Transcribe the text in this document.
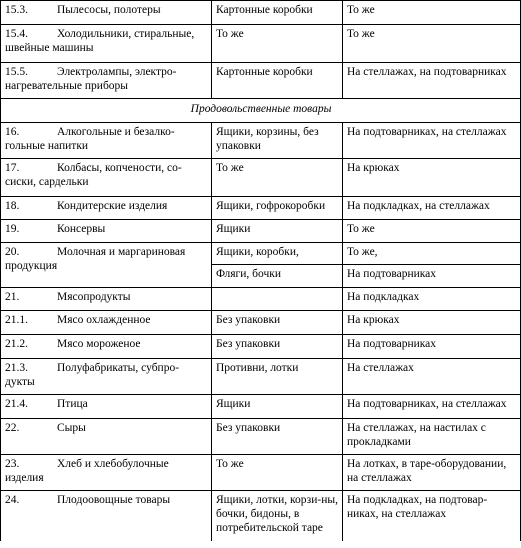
15.3. Пылесосы, полотеры	Картонные коробки	То же
15.4. Холодильники, стиральные, швейные машины	То же	То же
15.5. Электролампы, электро-нагревательные приборы	Картонные коробки	На стеллажах, на подтоварниках
Продовольственные товары		
16. Алкогольные и безалко-гольные напитки	Ящики, корзины, без упаковки	На подтоварниках, на стеллажах
17. Колбасы, копчености, со-сиски, сардельки	То же	На крюках
18. Кондитерские изделия	Ящики, гофрокоробки	На подкладках, на стеллажах
19. Консервы	Ящики	То же
20. Молочная и маргариновая продукция	Ящики, коробки,	То же,
	Фляги, бочки	На подтоварниках
21. Мясопродукты		На подкладках
21.1. Мясо охлажденное	Без упаковки	На крюках
21.2. Мясо мороженое	Без упаковки	На подтоварниках
21.3. Полуфабрикаты, субпро-дукты	Противни, лотки	На стеллажах
21.4. Птица	Ящики	На подтоварниках, на стеллажах
22. Сыры	Без упаковки	На стеллажах, на настилах с прокладками
23. Хлеб и хлебобулочные изделия	То же	На лотках, в таре-оборудовании, на стеллажах
24. Плодоовощные товары	Ящики, лотки, корзи-ны, бочки, бидоны, в потребительской таре	На подкладках, на подтовар-никах, на стеллажах
